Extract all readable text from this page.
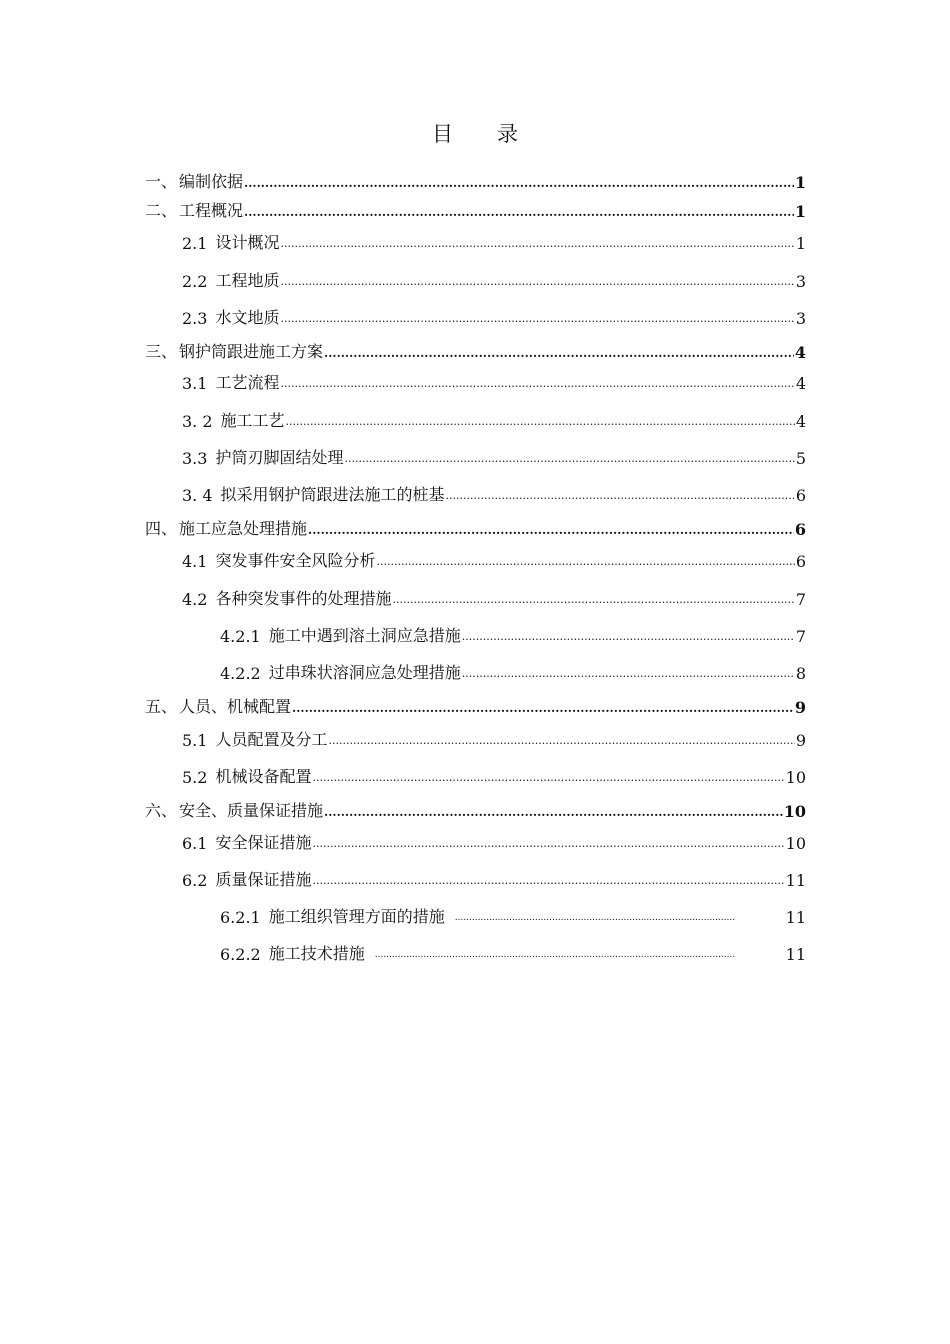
目 录
一、 编制依据 .....	1
二、 工程概况 .....	1
2.1 设计概况 .....	1
2.2 工程地质 .....	3
2.3 水文地质 .....	3
三、 钢护筒跟进施工方案 .....	4
3.1 工艺流程 .....	4
3. 2 施工工艺 .....	4
3.3 护筒刃脚固结处理 .....	5
3. 4 拟采用钢护筒跟进法施工的桩基 .....	6
四、 施工应急处理措施 .....	6
4.1 突发事件安全风险分析 .....	6
4.2 各种突发事件的处理措施 .....	7
4.2.1 施工中遇到溶土洞应急措施 .....	7
4.2.2 过串珠状溶洞应急处理措施 .....	8
五、 人员、机械配置 .....	9
5.1 人员配置及分工 .....	9
5.2 机械设备配置 .....	10
六、 安全、质量保证措施 .....	10
6.1 安全保证措施 .....	10
6.2 质量保证措施 .....	11
6.2.1 施工组织管理方面的措施 .....	11
6.2.2 施工技术措施 .....	11
